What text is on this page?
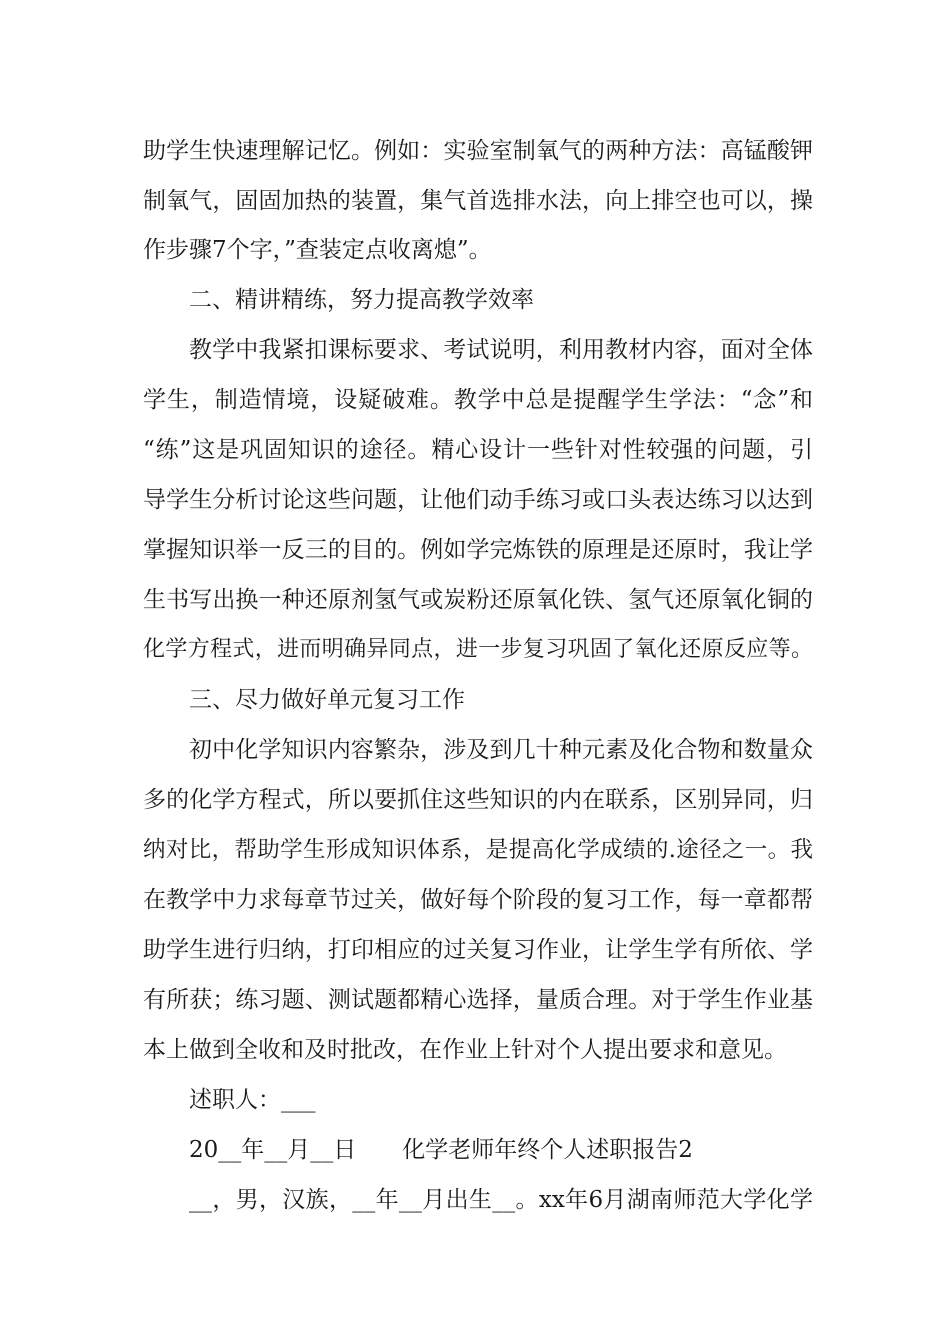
助学生快速理解记忆。例如：实验室制氧气的两种方法：高锰酸钾
制氧气，固固加热的装置，集气首选排水法，向上排空也可以，操
作步骤7个字，”查装定点收离熄”。
二、精讲精练，努力提高教学效率
教学中我紧扣课标要求、考试说明，利用教材内容，面对全体
学生，制造情境，设疑破难。教学中总是提醒学生学法：“念”和
“练”这是巩固知识的途径。精心设计一些针对性较强的问题，引
导学生分析讨论这些问题，让他们动手练习或口头表达练习以达到
掌握知识举一反三的目的。例如学完炼铁的原理是还原时，我让学
生书写出换一种还原剂氢气或炭粉还原氧化铁、氢气还原氧化铜的
化学方程式，进而明确异同点，进一步复习巩固了氧化还原反应等。
三、尽力做好单元复习工作
初中化学知识内容繁杂，涉及到几十种元素及化合物和数量众
多的化学方程式，所以要抓住这些知识的内在联系，区别异同，归
纳对比，帮助学生形成知识体系，是提高化学成绩的.途径之一。我
在教学中力求每章节过关，做好每个阶段的复习工作，每一章都帮
助学生进行归纳，打印相应的过关复习作业，让学生学有所依、学
有所获；练习题、测试题都精心选择，量质合理。对于学生作业基
本上做到全收和及时批改，在作业上针对个人提出要求和意见。
述职人：___
20__年__月__日　　化学老师年终个人述职报告2
__，男，汉族，__年__月出生__。xx年6月湖南师范大学化学
